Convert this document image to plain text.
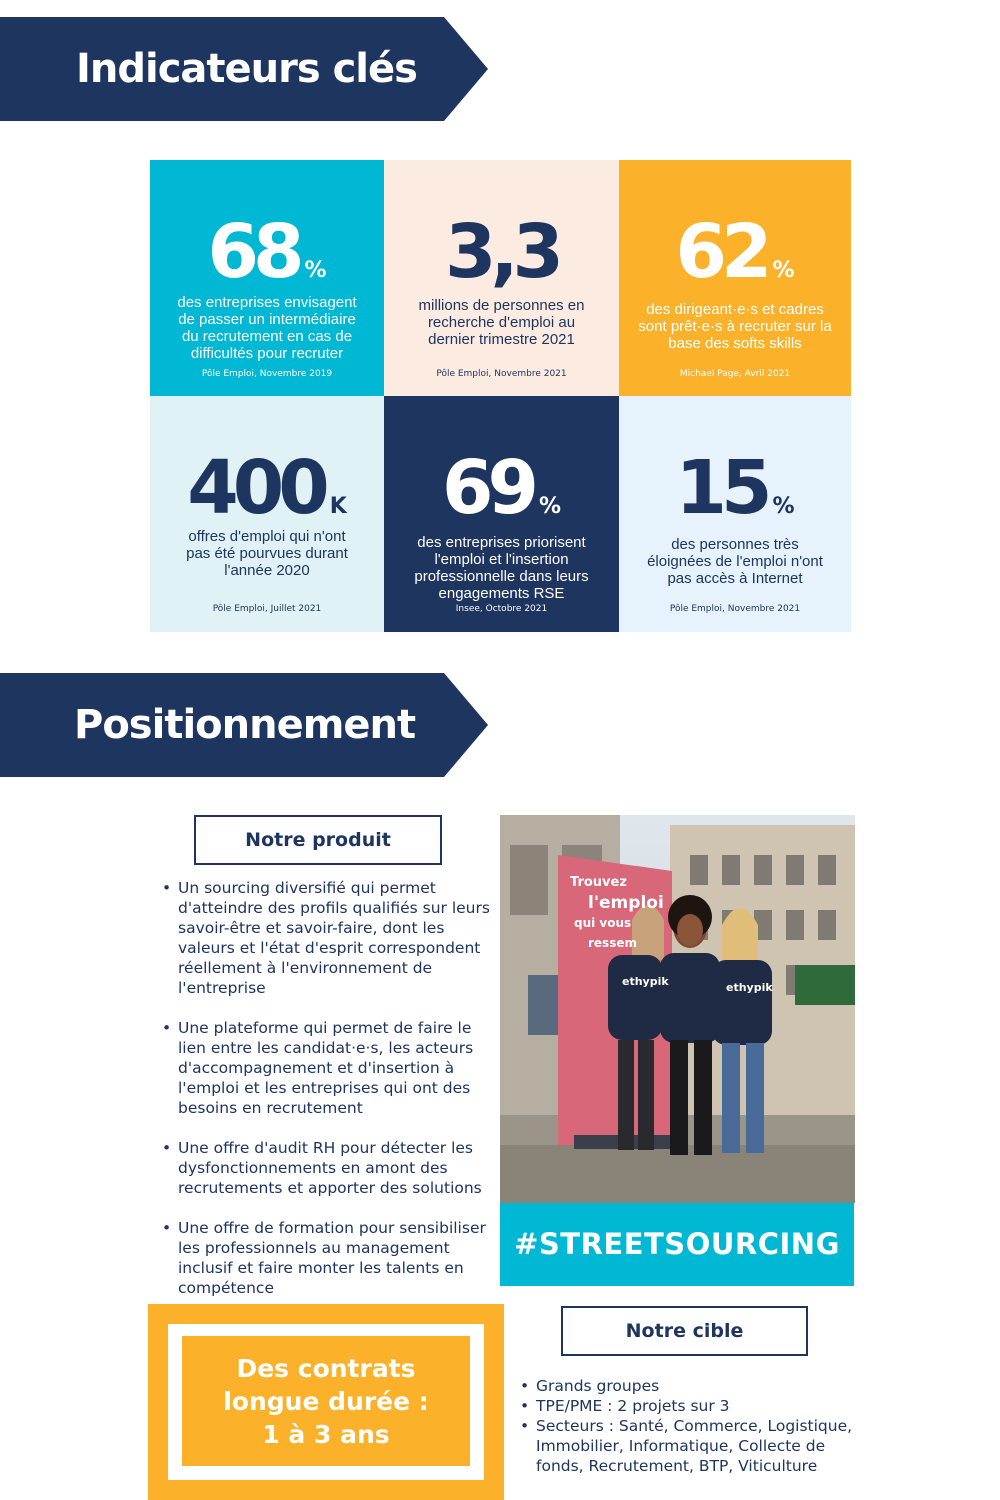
Indicateurs clés
68 %
des entreprises envisagent
de passer un intermédiaire
du recrutement en cas de
difficultés pour recruter
Pôle Emploi, Novembre 2019
3,3
millions de personnes en
recherche d'emploi au
dernier trimestre 2021
Pôle Emploi, Novembre 2021
62 %
des dirigeant·e·s et cadres
sont prêt·e·s à recruter sur la
base des softs skills
Michael Page, Avril 2021
400 K
offres d'emploi qui n'ont
pas été pourvues durant
l'année 2020
Pôle Emploi, Juillet 2021
69 %
des entreprises priorisent
l'emploi et l'insertion
professionnelle dans leurs
engagements RSE
Insee, Octobre 2021
15 %
des personnes très
éloignées de l'emploi n'ont
pas accès à Internet
Pôle Emploi, Novembre 2021
Positionnement
Notre produit
• Un sourcing diversifié qui permet
d'atteindre des profils qualifiés sur leurs
savoir-être et savoir-faire, dont les
valeurs et l'état d'esprit correspondent
réellement à l'environnement de
l'entreprise
• Une plateforme qui permet de faire le
lien entre les candidat·e·s, les acteurs
d'accompagnement et d'insertion à
l'emploi et les entreprises qui ont des
besoins en recrutement
• Une offre d'audit RH pour détecter les
dysfonctionnements en amont des
recrutements et apporter des solutions
• Une offre de formation pour sensibiliser
les professionnels au management
inclusif et faire monter les talents en
compétence
Trouvez
l'emploi
qui vous
ressem
ethypik	ethypik
#STREETSOURCING
Des contrats
longue durée :
1 à 3 ans
Notre cible
• Grands groupes
• TPE/PME : 2 projets sur 3
• Secteurs : Santé, Commerce, Logistique,
Immobilier, Informatique, Collecte de
fonds, Recrutement, BTP, Viticulture
